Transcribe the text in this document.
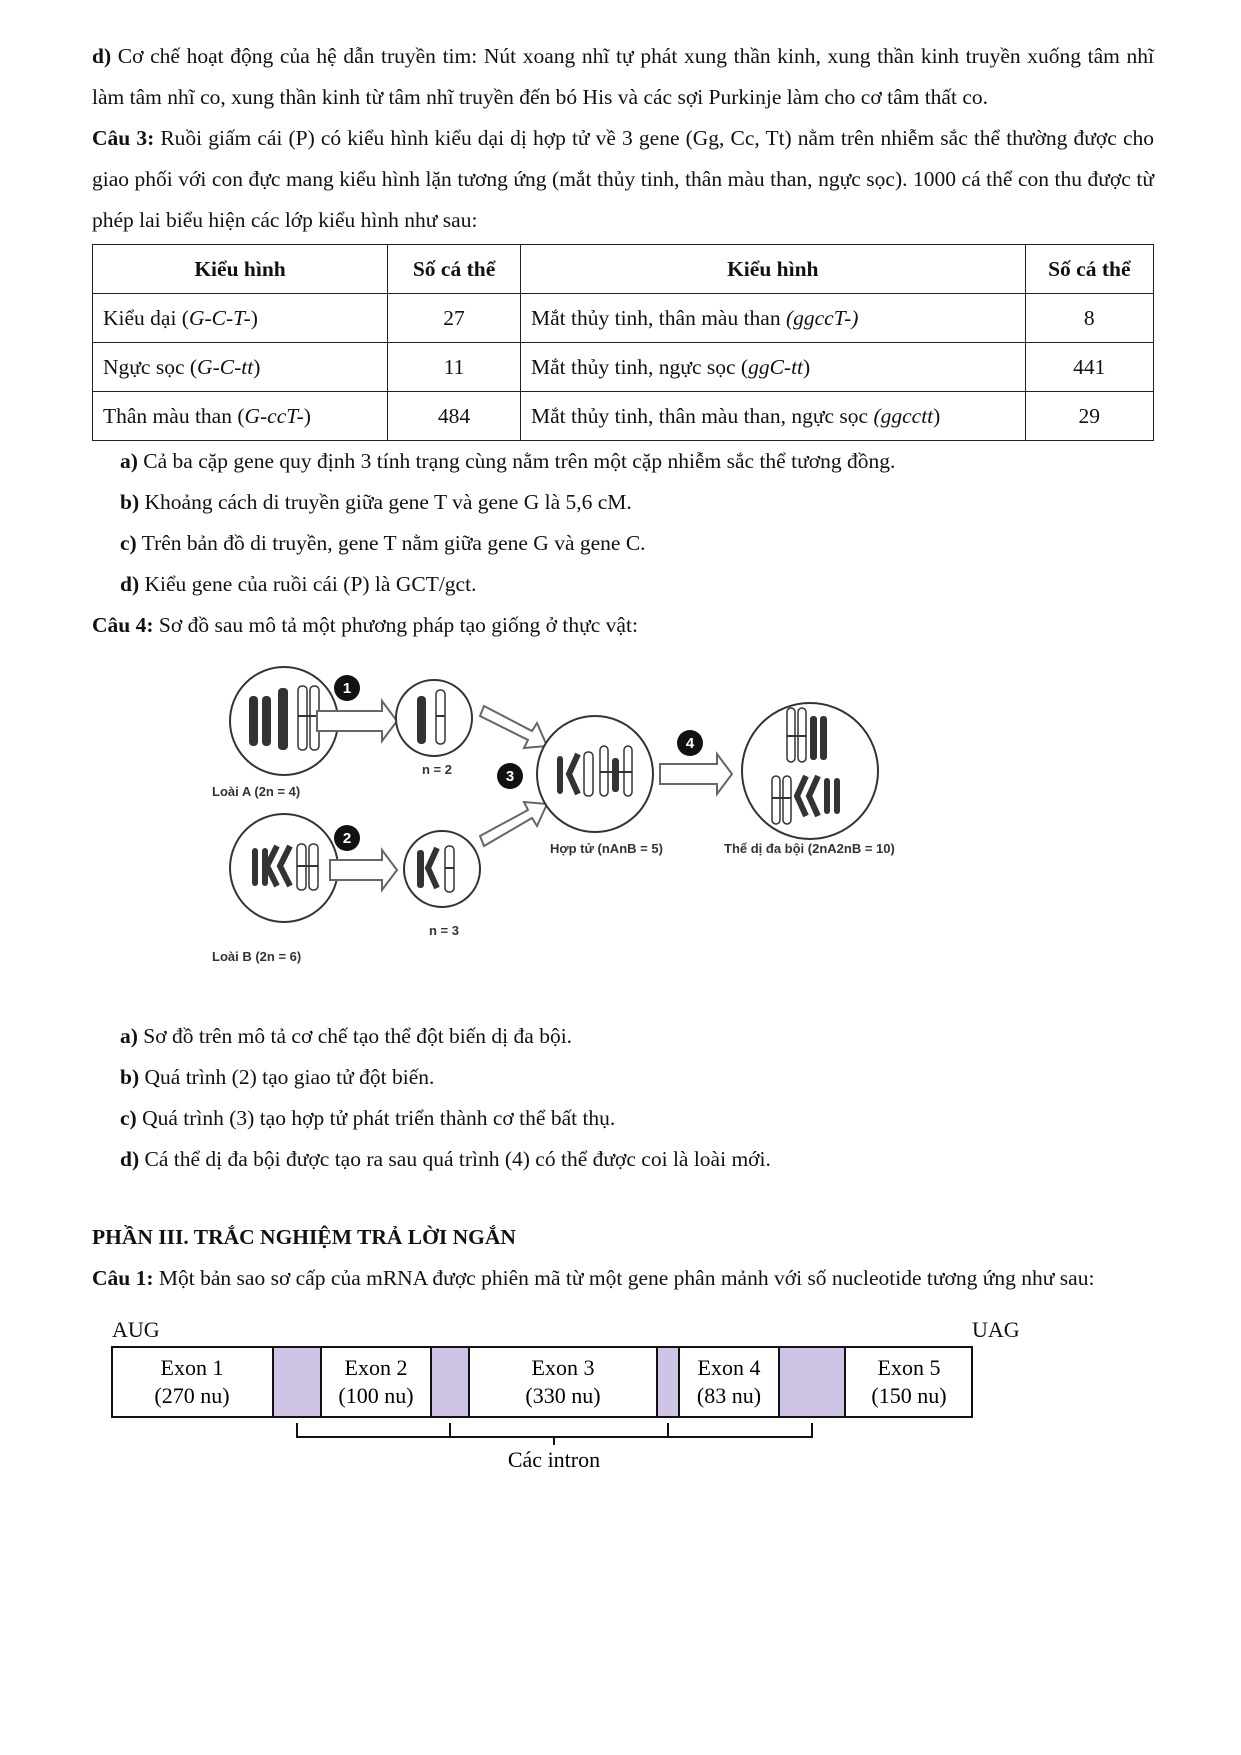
d) Cơ chế hoạt động của hệ dẫn truyền tim: Nút xoang nhĩ tự phát xung thần kinh, xung thần kinh truyền xuống tâm nhĩ làm tâm nhĩ co, xung thần kinh từ tâm nhĩ truyền đến bó His và các sợi Purkinje làm cho cơ tâm thất co.

Câu 3: Ruồi giấm cái (P) có kiểu hình kiểu dại dị hợp tử về 3 gene (Gg, Cc, Tt) nằm trên nhiễm sắc thể thường được cho giao phối với con đực mang kiểu hình lặn tương ứng (mắt thủy tinh, thân màu than, ngực sọc). 1000 cá thể con thu được từ phép lai biểu hiện các lớp kiểu hình như sau:

Kiểu hình	Số cá thể	Kiểu hình	Số cá thể
Kiểu dại (G-C-T-)	27	Mắt thủy tinh, thân màu than (ggccT-)	8
Ngực sọc (G-C-tt)	11	Mắt thủy tinh, ngực sọc (ggC-tt)	441
Thân màu than (G-ccT-)	484	Mắt thủy tinh, thân màu than, ngực sọc (ggcctt)	29

a) Cả ba cặp gene quy định 3 tính trạng cùng nằm trên một cặp nhiễm sắc thể tương đồng.

b) Khoảng cách di truyền giữa gene T và gene G là 5,6 cM.

c) Trên bản đồ di truyền, gene T nằm giữa gene G và gene C.

d) Kiểu gene của ruồi cái (P) là GCT/gct.

Câu 4: Sơ đồ sau mô tả một phương pháp tạo giống ở thực vật:

Loài A (2n = 4)
1
n = 2
Loài B (2n = 6)
2
n = 3
3
Hợp tử (nAnB = 5)
4
Thể dị đa bội (2nA2nB = 10)

a) Sơ đồ trên mô tả cơ chế tạo thể đột biến dị đa bội.

b) Quá trình (2) tạo giao tử đột biến.

c) Quá trình (3) tạo hợp tử phát triển thành cơ thể bất thụ.

d) Cá thể dị đa bội được tạo ra sau quá trình (4) có thể được coi là loài mới.

PHẦN III. TRẮC NGHIỆM TRẢ LỜI NGẮN

Câu 1: Một bản sao sơ cấp của mRNA được phiên mã từ một gene phân mảnh với số nucleotide tương ứng như sau:

AUG	UAG
Exon 1
(270 nu)
Exon 2
(100 nu)
Exon 3
(330 nu)
Exon 4
(83 nu)
Exon 5
(150 nu)
Các intron
